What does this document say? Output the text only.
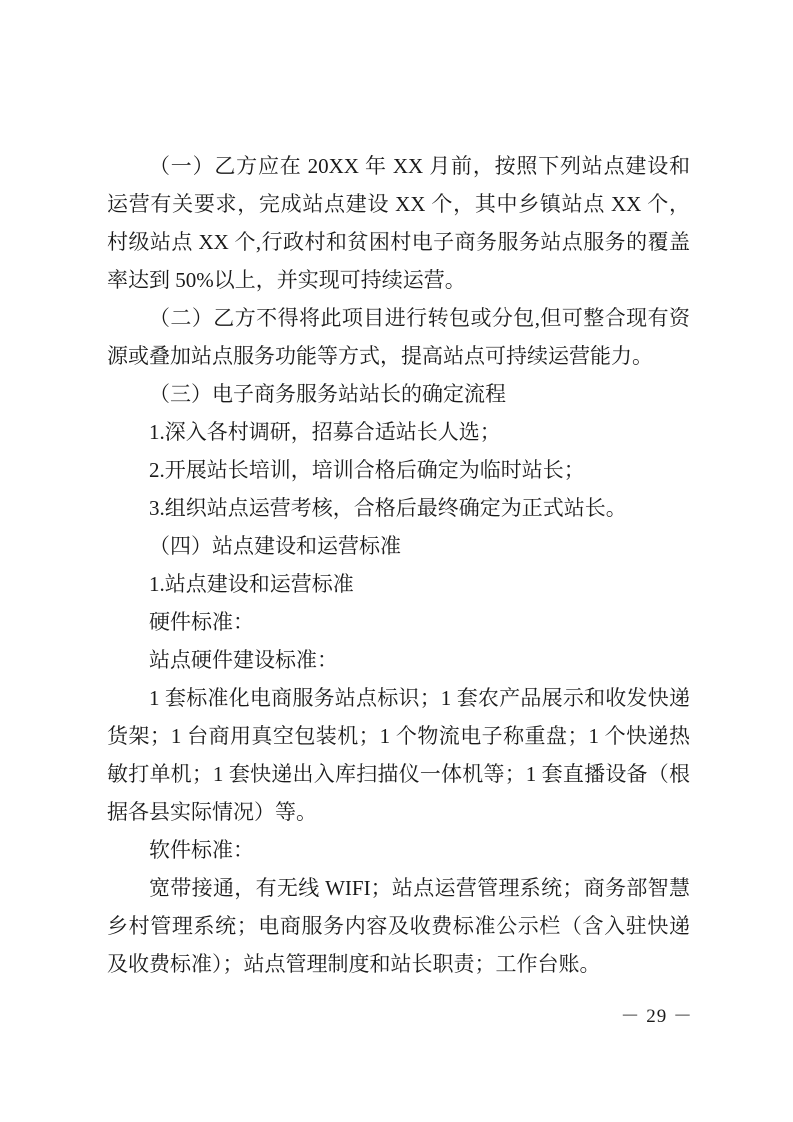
（一）乙方应在 20XX 年 XX 月前，按照下列站点建设和运营有关要求，完成站点建设 XX 个，其中乡镇站点 XX 个，村级站点 XX 个,行政村和贫困村电子商务服务站点服务的覆盖率达到 50%以上，并实现可持续运营。

（二）乙方不得将此项目进行转包或分包,但可整合现有资源或叠加站点服务功能等方式，提高站点可持续运营能力。

（三）电子商务服务站站长的确定流程

1.深入各村调研，招募合适站长人选；

2.开展站长培训，培训合格后确定为临时站长；

3.组织站点运营考核，合格后最终确定为正式站长。

（四）站点建设和运营标准

1.站点建设和运营标准

硬件标准：

站点硬件建设标准：

1 套标准化电商服务站点标识；1 套农产品展示和收发快递货架；1 台商用真空包装机；1 个物流电子称重盘；1 个快递热敏打单机；1 套快递出入库扫描仪一体机等；1 套直播设备（根据各县实际情况）等。

软件标准：

宽带接通，有无线 WIFI；站点运营管理系统；商务部智慧乡村管理系统；电商服务内容及收费标准公示栏（含入驻快递及收费标准）；站点管理制度和站长职责；工作台账。

－ 29 －
